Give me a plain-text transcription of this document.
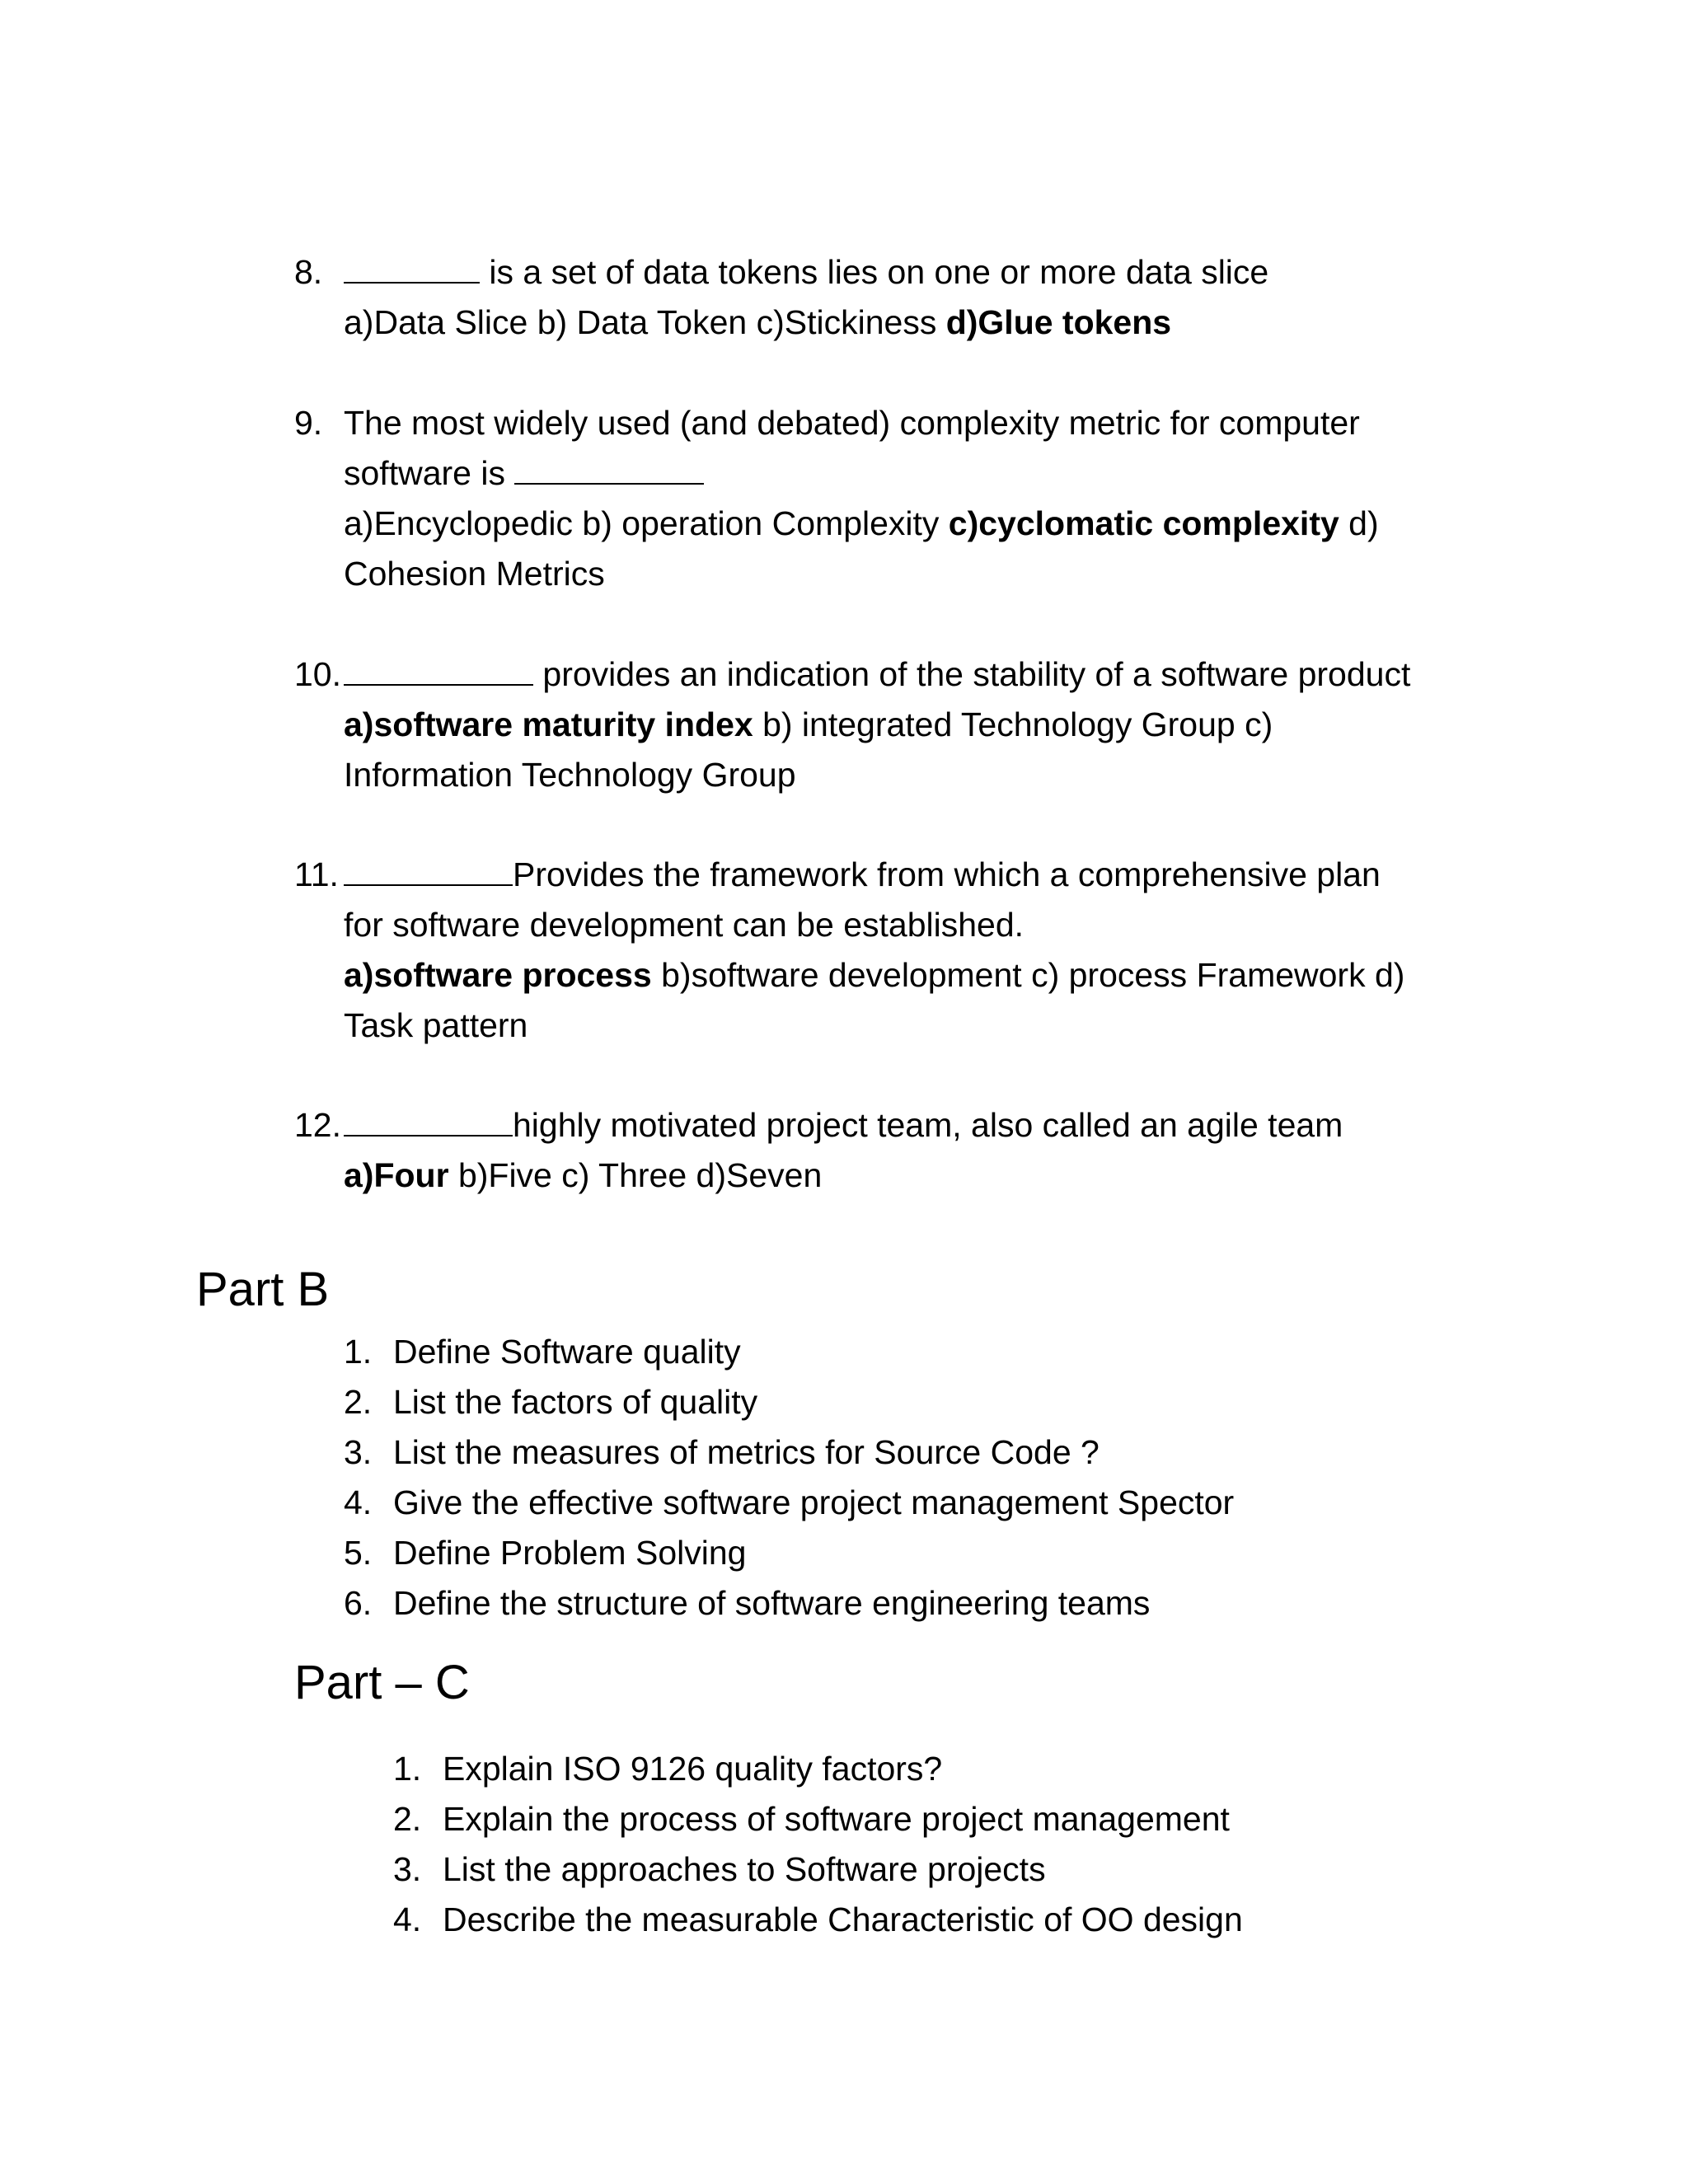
8.	is a set of data tokens lies on one or more data slice
a)Data Slice b) Data Token c)Stickiness d)Glue tokens
9. The most widely used (and debated) complexity metric for computer
software is
a)Encyclopedic b) operation Complexity c)cyclomatic complexity d)
Cohesion Metrics
10.	provides an indication of the stability of a software product
a)software maturity index b) integrated Technology Group c)
Information Technology Group
11.	Provides the framework from which a comprehensive plan
for software development can be established.
a)software process b)software development c) process Framework d)
Task pattern
12.	highly motivated project team, also called an agile team
a)Four b)Five c) Three d)Seven
Part B
1. Define Software quality
2. List the factors of quality
3. List the measures of metrics for Source Code ?
4. Give the effective software project management Spector
5. Define Problem Solving
6. Define the structure of software engineering teams
Part – C
1. Explain ISO 9126 quality factors?
2. Explain the process of software project management
3. List the approaches to Software projects
4. Describe the measurable Characteristic of OO design
